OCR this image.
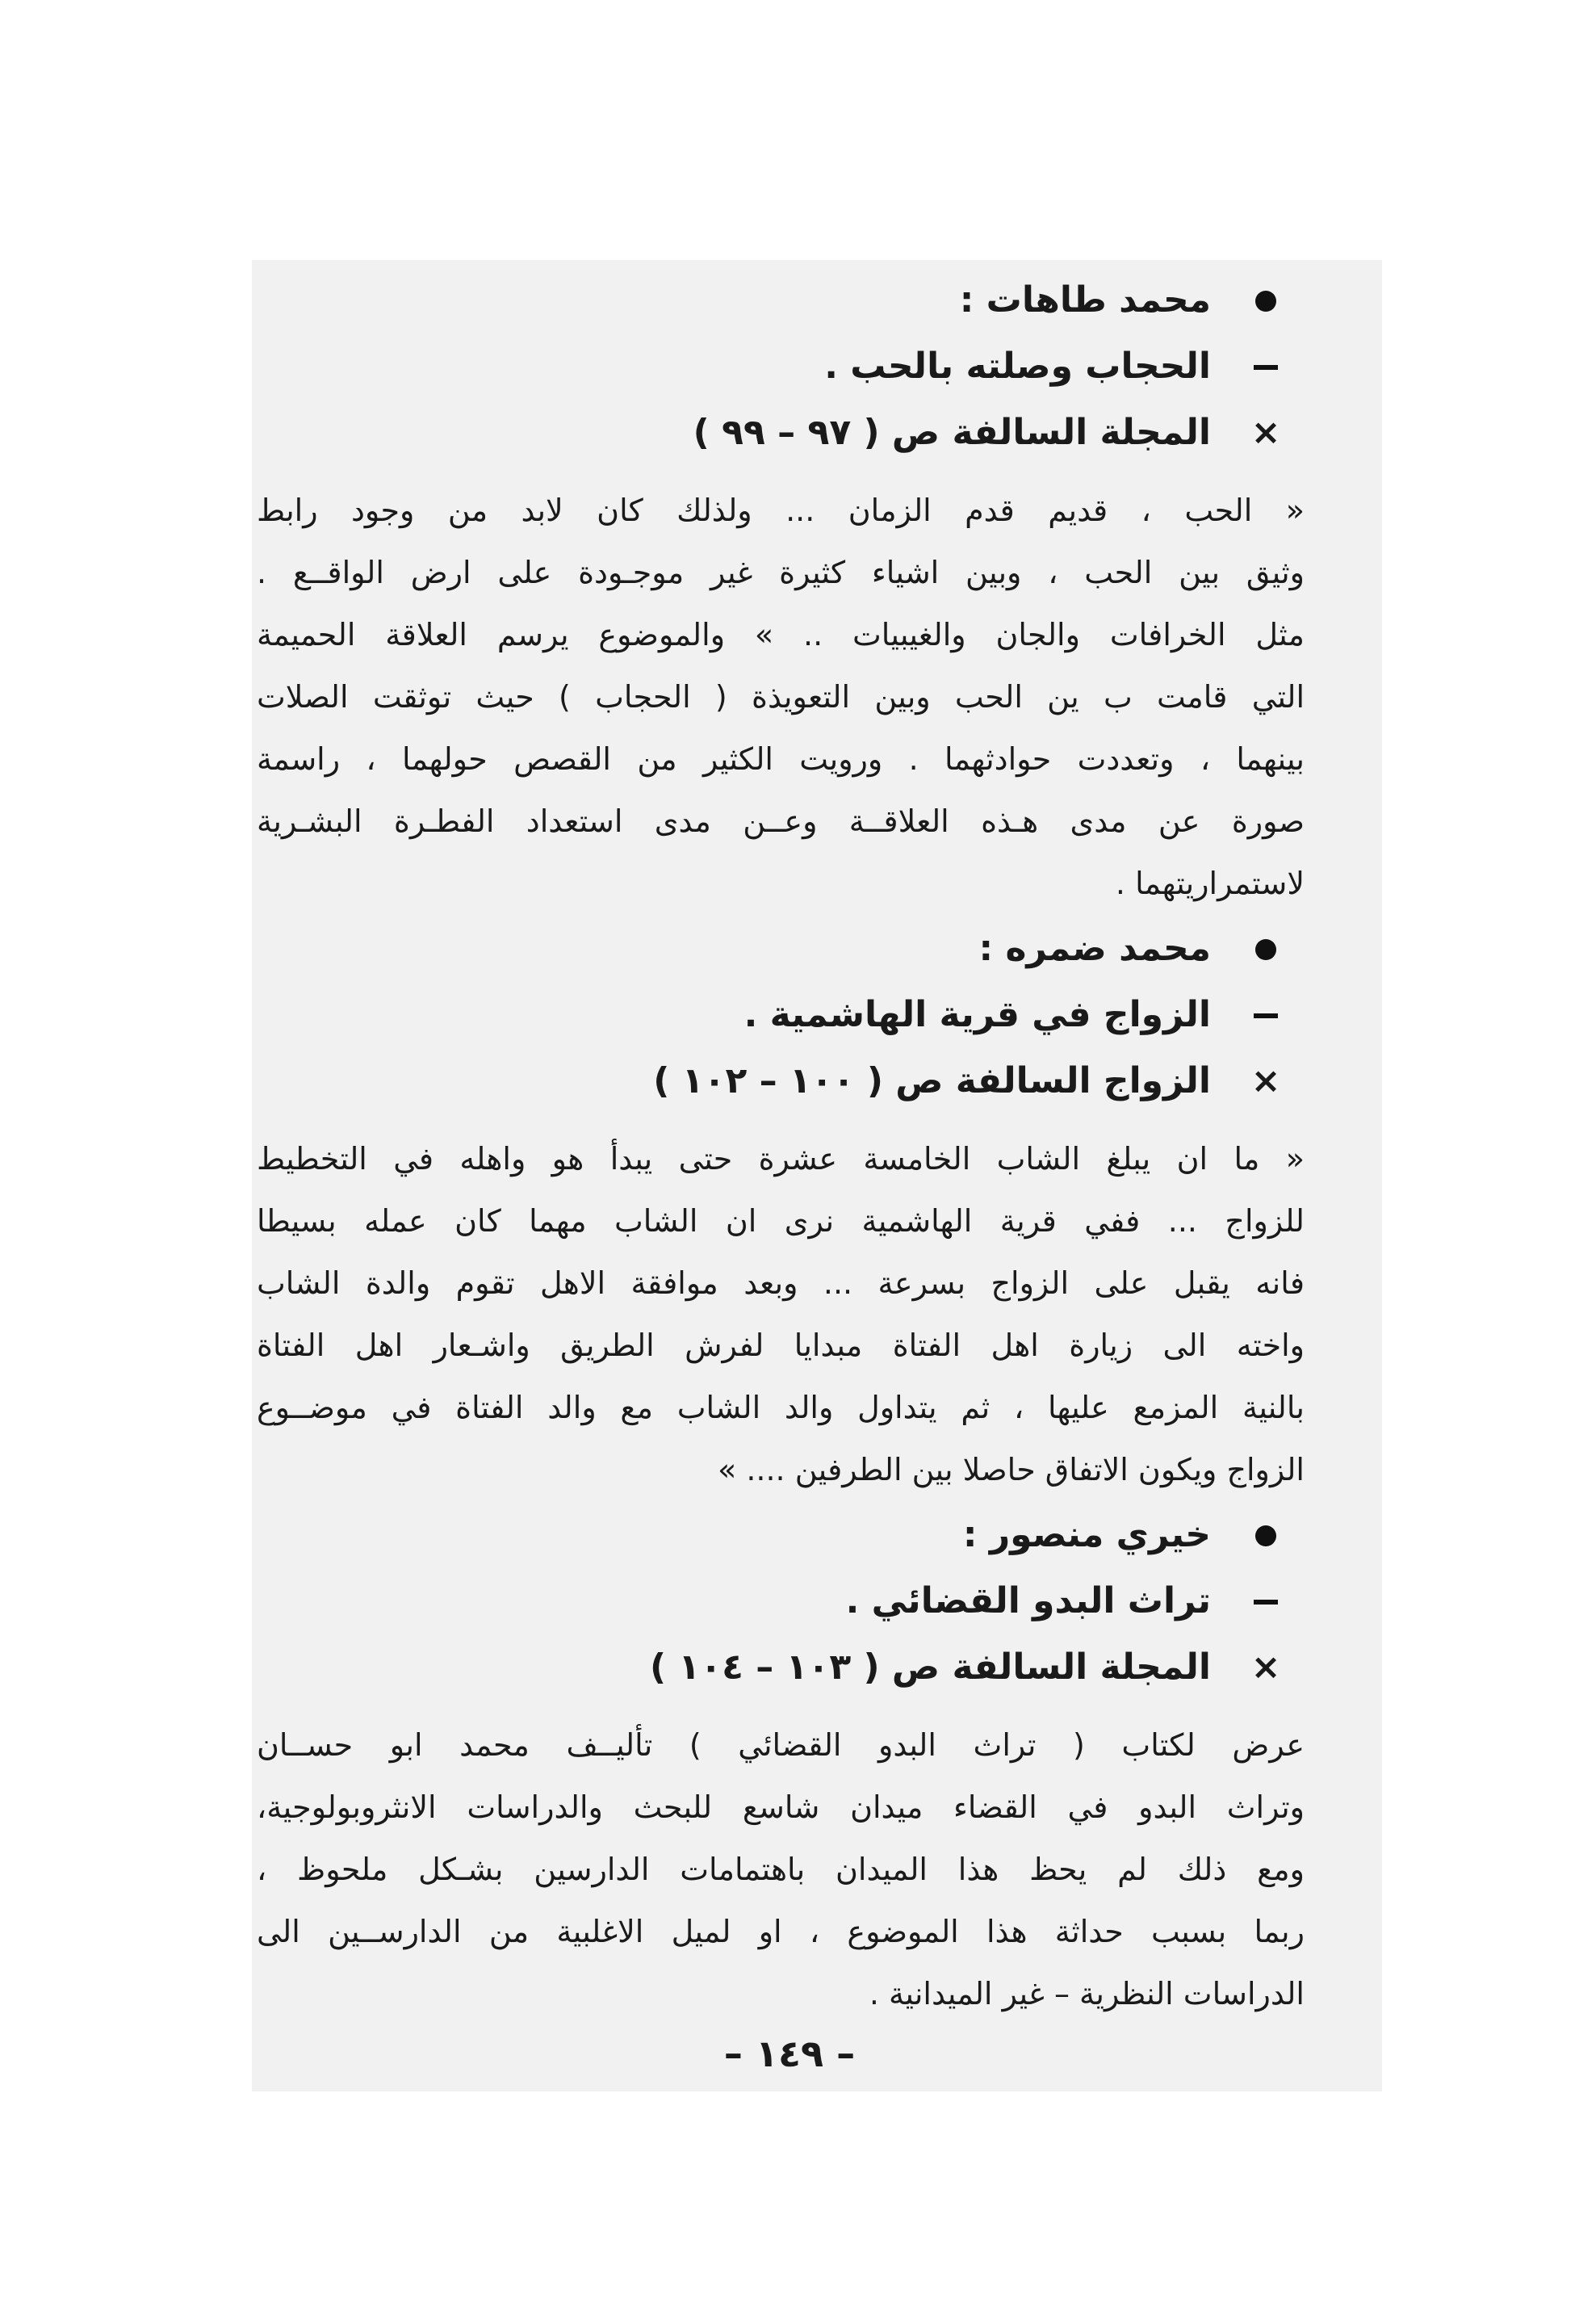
محمد طاهات :
الحجاب وصلته بالحب .
×
المجلة السالفة ص ( ٩٧ – ٩٩ )
« الحب ، قديم قدم الزمان ... ولذلك كان لابد من وجود رابط
وثيق بين الحب ، وبين اشياء كثيرة غير موجـودة على ارض الواقــع .
مثل الخرافات والجان والغيبيات .. » والموضوع يرسم العلاقة الحميمة
التي قامت ب ين الحب وبين التعويذة ( الحجاب ) حيث توثقت الصلات
بينهما ، وتعددت حوادثهما . ورويت الكثير من القصص حولهما ، راسمة
صورة عن مدى هـذه العلاقــة وعــن مدى استعداد الفطـرة البشـرية
لاستمراريتهما .
محمد ضمره :
الزواج في قرية الهاشمية .
×
الزواج السالفة ص ( ١٠٠ – ١٠٢ )
« ما ان يبلغ الشاب الخامسة عشرة حتى يبدأ هو واهله في التخطيط
للزواج ... ففي قرية الهاشمية نرى ان الشاب مهما كان عمله بسيطا
فانه يقبل على الزواج بسرعة ... وبعد موافقة الاهل تقوم والدة الشاب
واخته الى زيارة اهل الفتاة مبدايا لفرش الطريق واشـعار اهل الفتاة
بالنية المزمع عليها ، ثم يتداول والد الشاب مع والد الفتاة في موضــوع
الزواج ويكون الاتفاق حاصلا بين الطرفين .... »
خيري منصور :
تراث البدو القضائي .
×
المجلة السالفة ص ( ١٠٣ – ١٠٤ )
عرض لكتاب ( تراث البدو القضائي ) تأليــف محمد ابو حســان
وتراث البدو في القضاء ميدان شاسع للبحث والدراسات الانثروبولوجية،
ومع ذلك لم يحظ هذا الميدان باهتمامات الدارسين بشـكل ملحوظ ،
ربما بسبب حداثة هذا الموضوع ، او لميل الاغلبية من الدارســين الى
الدراسات النظرية – غير الميدانية .
– ١٤٩ –
